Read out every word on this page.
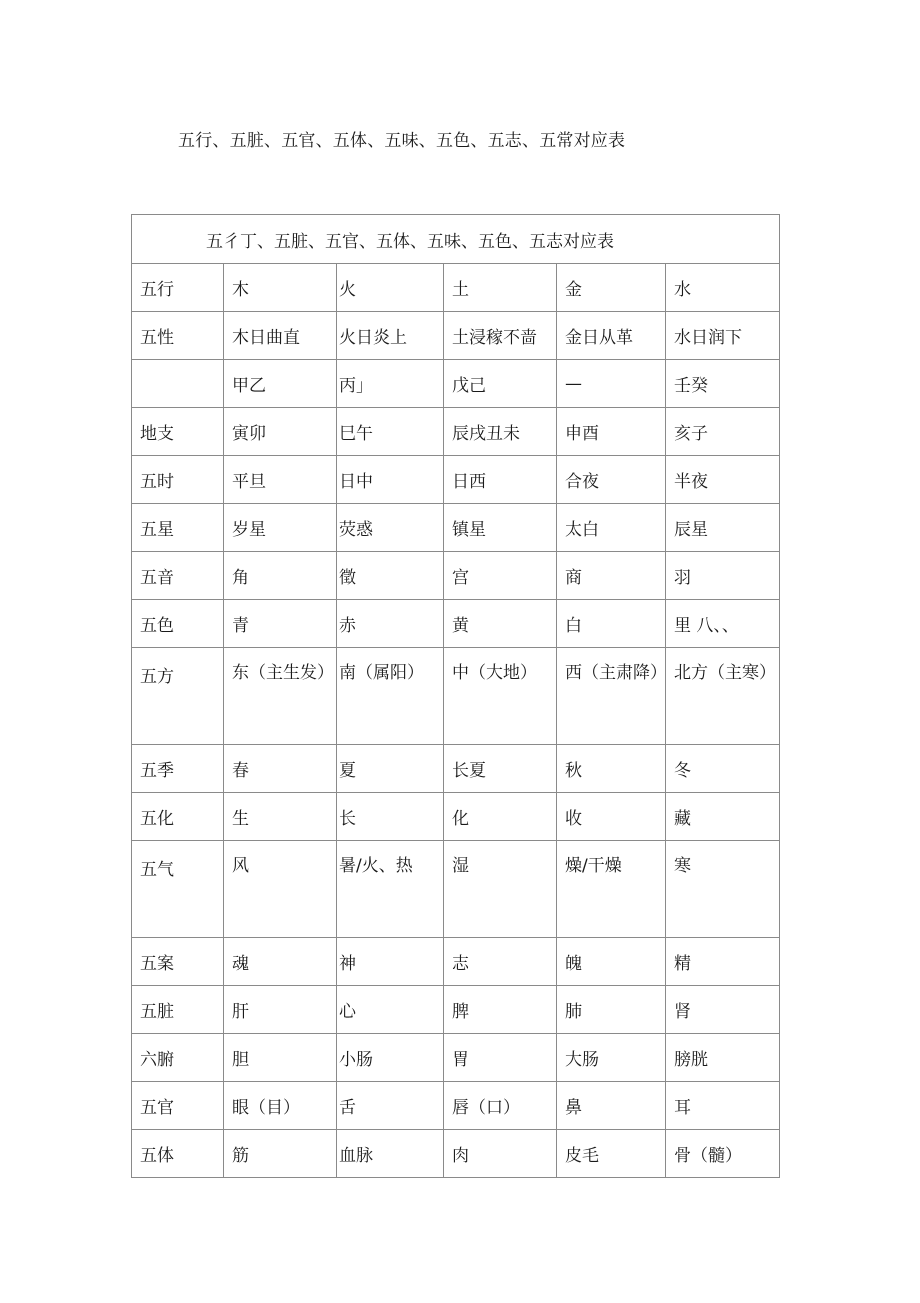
五行、五脏、五官、五体、五味、五色、五志、五常对应表
五彳丁、五脏、五官、五体、五味、五色、五志对应表					
五行	木	火	土	金	水
五性	木日曲直	火日炎上	土浸稼不啬	金日从革	水日润下
	甲乙	丙」	戊己	—	壬癸
地支	寅卯	巳午	辰戌丑未	申酉	亥子
五时	平旦	日中	日西	合夜	半夜
五星	岁星	荧惑	镇星	太白	辰星
五音	角	徵	宫	商	羽
五色	青	赤	黄	白	里 八、、
五方	东（主生发）	南（属阳）	中（大地）	西（主肃降）	北方（主寒）
五季	春	夏	长夏	秋	冬
五化	生	长	化	收	藏
五气	风	暑/火、热	湿	燥/干燥	寒
五案	魂	神	志	魄	精
五脏	肝	心	脾	肺	肾
六腑	胆	小肠	胃	大肠	膀胱
五官	眼（目）	舌	唇（口）	鼻	耳
五体	筋	血脉	肉	皮毛	骨（髓）
